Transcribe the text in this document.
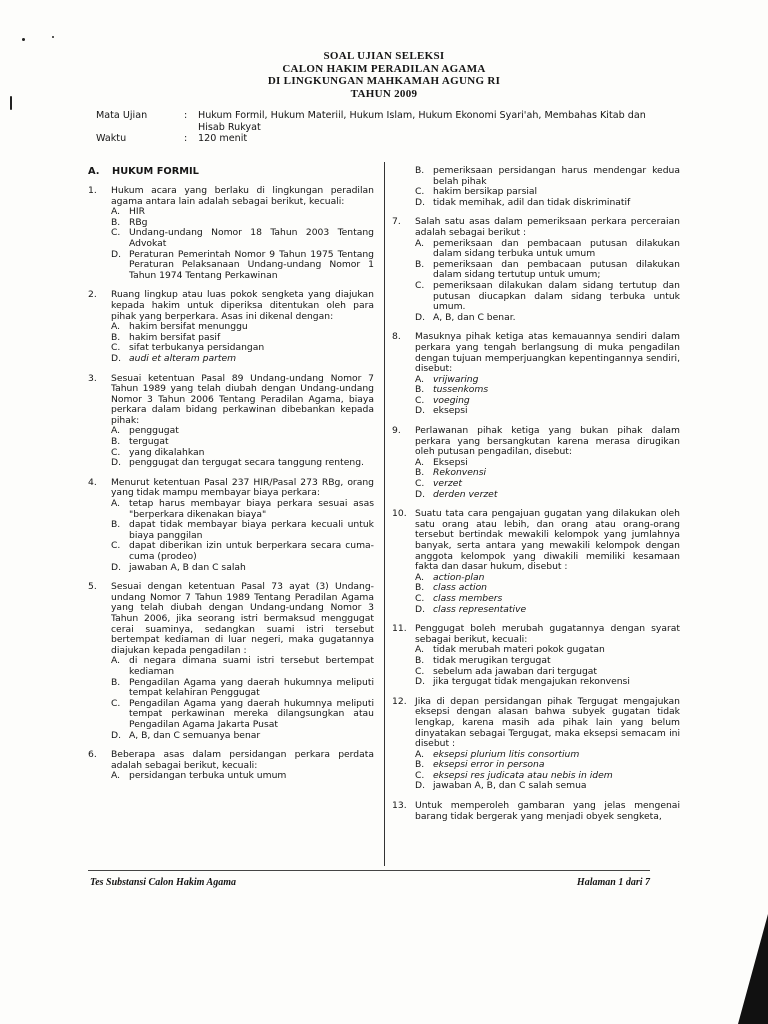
SOAL UJIAN SELEKSI
CALON HAKIM PERADILAN AGAMA
DI LINGKUNGAN MAHKAMAH AGUNG RI
TAHUN 2009
Mata Ujian	:	Hukum Formil, Hukum Materiil, Hukum Islam, Hukum Ekonomi Syari'ah, Membahas Kitab dan Hisab Rukyat
Waktu	:	120 menit
A.	HUKUM FORMIL
1.	Hukum acara yang berlaku di lingkungan peradilan agama antara lain adalah sebagai berikut, kecuali:
A. HIR
B. RBg
C. Undang-undang Nomor 18 Tahun 2003 Tentang Advokat
D. Peraturan Pemerintah Nomor 9 Tahun 1975 Tentang Peraturan Pelaksanaan Undang-undang Nomor 1 Tahun 1974 Tentang Perkawinan
2.	Ruang lingkup atau luas pokok sengketa yang diajukan kepada hakim untuk diperiksa ditentukan oleh para pihak yang berperkara. Asas ini dikenal dengan:
A. hakim bersifat menunggu
B. hakim bersifat pasif
C. sifat terbukanya persidangan
D. audi et alteram partem
3.	Sesuai ketentuan Pasal 89 Undang-undang Nomor 7 Tahun 1989 yang telah diubah dengan Undang-undang Nomor 3 Tahun 2006 Tentang Peradilan Agama, biaya perkara dalam bidang perkawinan dibebankan kepada pihak:
A. penggugat
B. tergugat
C. yang dikalahkan
D. penggugat dan tergugat secara tanggung renteng.
4.	Menurut ketentuan Pasal 237 HIR/Pasal 273 RBg, orang yang tidak mampu membayar biaya perkara:
A. tetap harus membayar biaya perkara sesuai asas "berperkara dikenakan biaya"
B. dapat tidak membayar biaya perkara kecuali untuk biaya panggilan
C. dapat diberikan izin untuk berperkara secara cuma-cuma (prodeo)
D. jawaban A, B dan C salah
5.	Sesuai dengan ketentuan Pasal 73 ayat (3) Undang-undang Nomor 7 Tahun 1989 Tentang Peradilan Agama yang telah diubah dengan Undang-undang Nomor 3 Tahun 2006, jika seorang istri bermaksud menggugat cerai suaminya, sedangkan suami istri tersebut bertempat kediaman di luar negeri, maka gugatannya diajukan kepada pengadilan :
A. di negara dimana suami istri tersebut bertempat kediaman
B. Pengadilan Agama yang daerah hukumnya meliputi tempat kelahiran Penggugat
C. Pengadilan Agama yang daerah hukumnya meliputi tempat perkawinan mereka dilangsungkan atau Pengadilan Agama Jakarta Pusat
D. A, B, dan C semuanya benar
6.	Beberapa asas dalam persidangan perkara perdata adalah sebagai berikut, kecuali:
A. persidangan terbuka untuk umum
B. pemeriksaan persidangan harus mendengar kedua belah pihak
C. hakim bersikap parsial
D. tidak memihak, adil dan tidak diskriminatif
7.	Salah satu asas dalam pemeriksaan perkara perceraian adalah sebagai berikut :
A. pemeriksaan dan pembacaan putusan dilakukan dalam sidang terbuka untuk umum
B. pemeriksaan dan pembacaan putusan dilakukan dalam sidang tertutup untuk umum;
C. pemeriksaan dilakukan dalam sidang tertutup dan putusan diucapkan dalam sidang terbuka untuk umum.
D. A, B, dan C benar.
8.	Masuknya pihak ketiga atas kemauannya sendiri dalam perkara yang tengah berlangsung di muka pengadilan dengan tujuan memperjuangkan kepentingannya sendiri, disebut:
A. vrijwaring
B. tussenkoms
C. voeging
D. eksepsi
9.	Perlawanan pihak ketiga yang bukan pihak dalam perkara yang bersangkutan karena merasa dirugikan oleh putusan pengadilan, disebut:
A. Eksepsi
B. Rekonvensi
C. verzet
D. derden verzet
10. Suatu tata cara pengajuan gugatan yang dilakukan oleh satu orang atau lebih, dan orang atau orang-orang tersebut bertindak mewakili kelompok yang jumlahnya banyak, serta antara yang mewakili kelompok dengan anggota kelompok yang diwakili memiliki kesamaan fakta dan dasar hukum, disebut :
A. action-plan
B. class action
C. class members
D. class representative
11. Penggugat boleh merubah gugatannya dengan syarat sebagai berikut, kecuali:
A. tidak merubah materi pokok gugatan
B. tidak merugikan tergugat
C. sebelum ada jawaban dari tergugat
D. jika tergugat tidak mengajukan rekonvensi
12. Jika di depan persidangan pihak Tergugat mengajukan eksepsi dengan alasan bahwa subyek gugatan tidak lengkap, karena masih ada pihak lain yang belum dinyatakan sebagai Tergugat, maka eksepsi semacam ini disebut :
A. eksepsi plurium litis consortium
B. eksepsi error in persona
C. eksepsi res judicata atau nebis in idem
D. jawaban A, B, dan C salah semua
13. Untuk memperoleh gambaran yang jelas mengenai barang tidak bergerak yang menjadi obyek sengketa,
Tes Substansi Calon Hakim Agama	Halaman 1 dari 7
